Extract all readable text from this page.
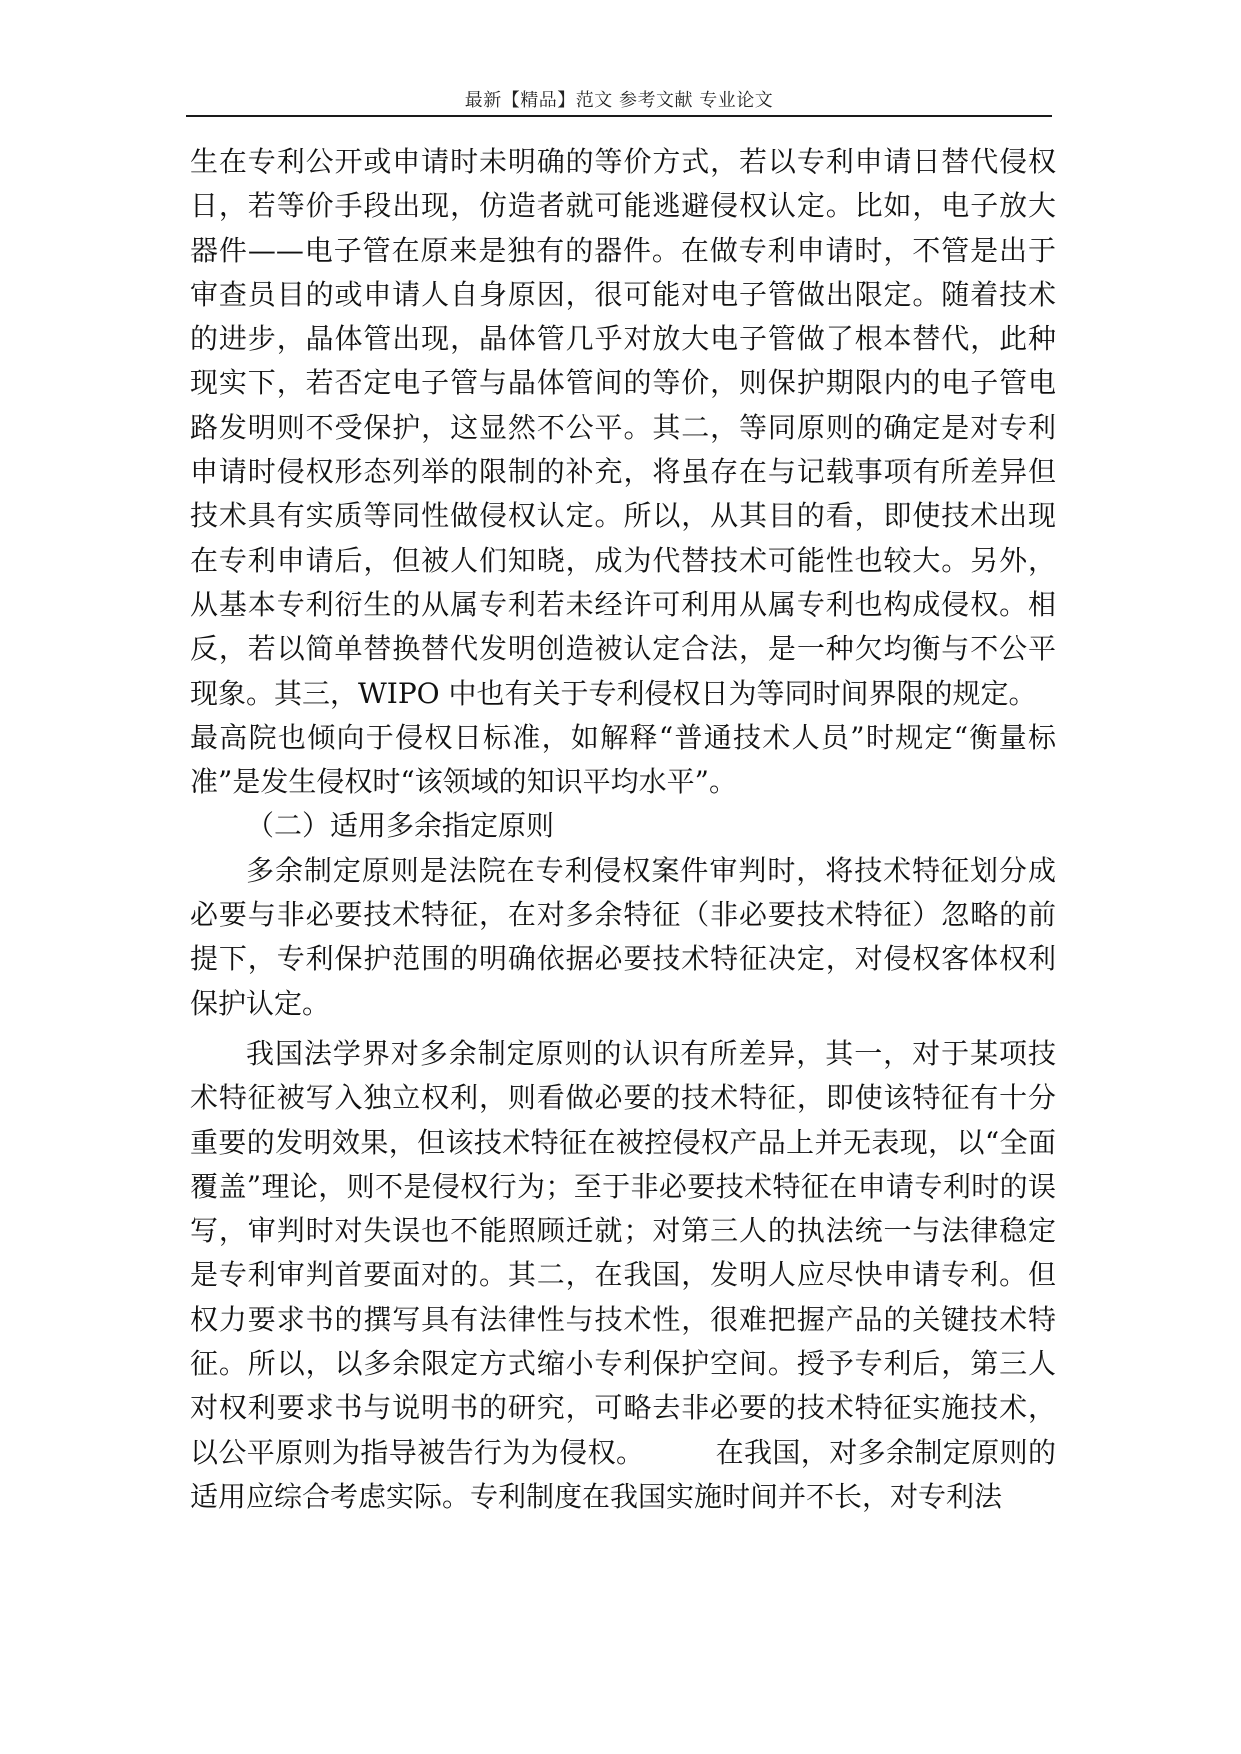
最新【精品】范文 参考文献 专业论文

生在专利公开或申请时未明确的等价方式，若以专利申请日替代侵权日，若等价手段出现，仿造者就可能逃避侵权认定。比如，电子放大器件——电子管在原来是独有的器件。在做专利申请时，不管是出于审查员目的或申请人自身原因，很可能对电子管做出限定。随着技术的进步，晶体管出现，晶体管几乎对放大电子管做了根本替代，此种现实下，若否定电子管与晶体管间的等价，则保护期限内的电子管电路发明则不受保护，这显然不公平。其二，等同原则的确定是对专利申请时侵权形态列举的限制的补充，将虽存在与记载事项有所差异但技术具有实质等同性做侵权认定。所以，从其目的看，即使技术出现在专利申请后，但被人们知晓，成为代替技术可能性也较大。另外，从基本专利衍生的从属专利若未经许可利用从属专利也构成侵权。相反，若以简单替换替代发明创造被认定合法，是一种欠均衡与不公平现象。其三，WIPO 中也有关于专利侵权日为等同时间界限的规定。

最高院也倾向于侵权日标准，如解释“普通技术人员”时规定“衡量标准”是发生侵权时“该领域的知识平均水平”。

（二）适用多余指定原则

多余制定原则是法院在专利侵权案件审判时，将技术特征划分成必要与非必要技术特征，在对多余特征（非必要技术特征）忽略的前提下，专利保护范围的明确依据必要技术特征决定，对侵权客体权利保护认定。

我国法学界对多余制定原则的认识有所差异，其一，对于某项技术特征被写入独立权利，则看做必要的技术特征，即使该特征有十分重要的发明效果，但该技术特征在被控侵权产品上并无表现，以“全面覆盖”理论，则不是侵权行为；至于非必要技术特征在申请专利时的误写，审判时对失误也不能照顾迁就；对第三人的执法统一与法律稳定是专利审判首要面对的。其二，在我国，发明人应尽快申请专利。但权力要求书的撰写具有法律性与技术性，很难把握产品的关键技术特征。所以，以多余限定方式缩小专利保护空间。授予专利后，第三人对权利要求书与说明书的研究，可略去非必要的技术特征实施技术，以公平原则为指导被告行为为侵权。　　　在我国，对多余制定原则的适用应综合考虑实际。专利制度在我国实施时间并不长，对专利法
